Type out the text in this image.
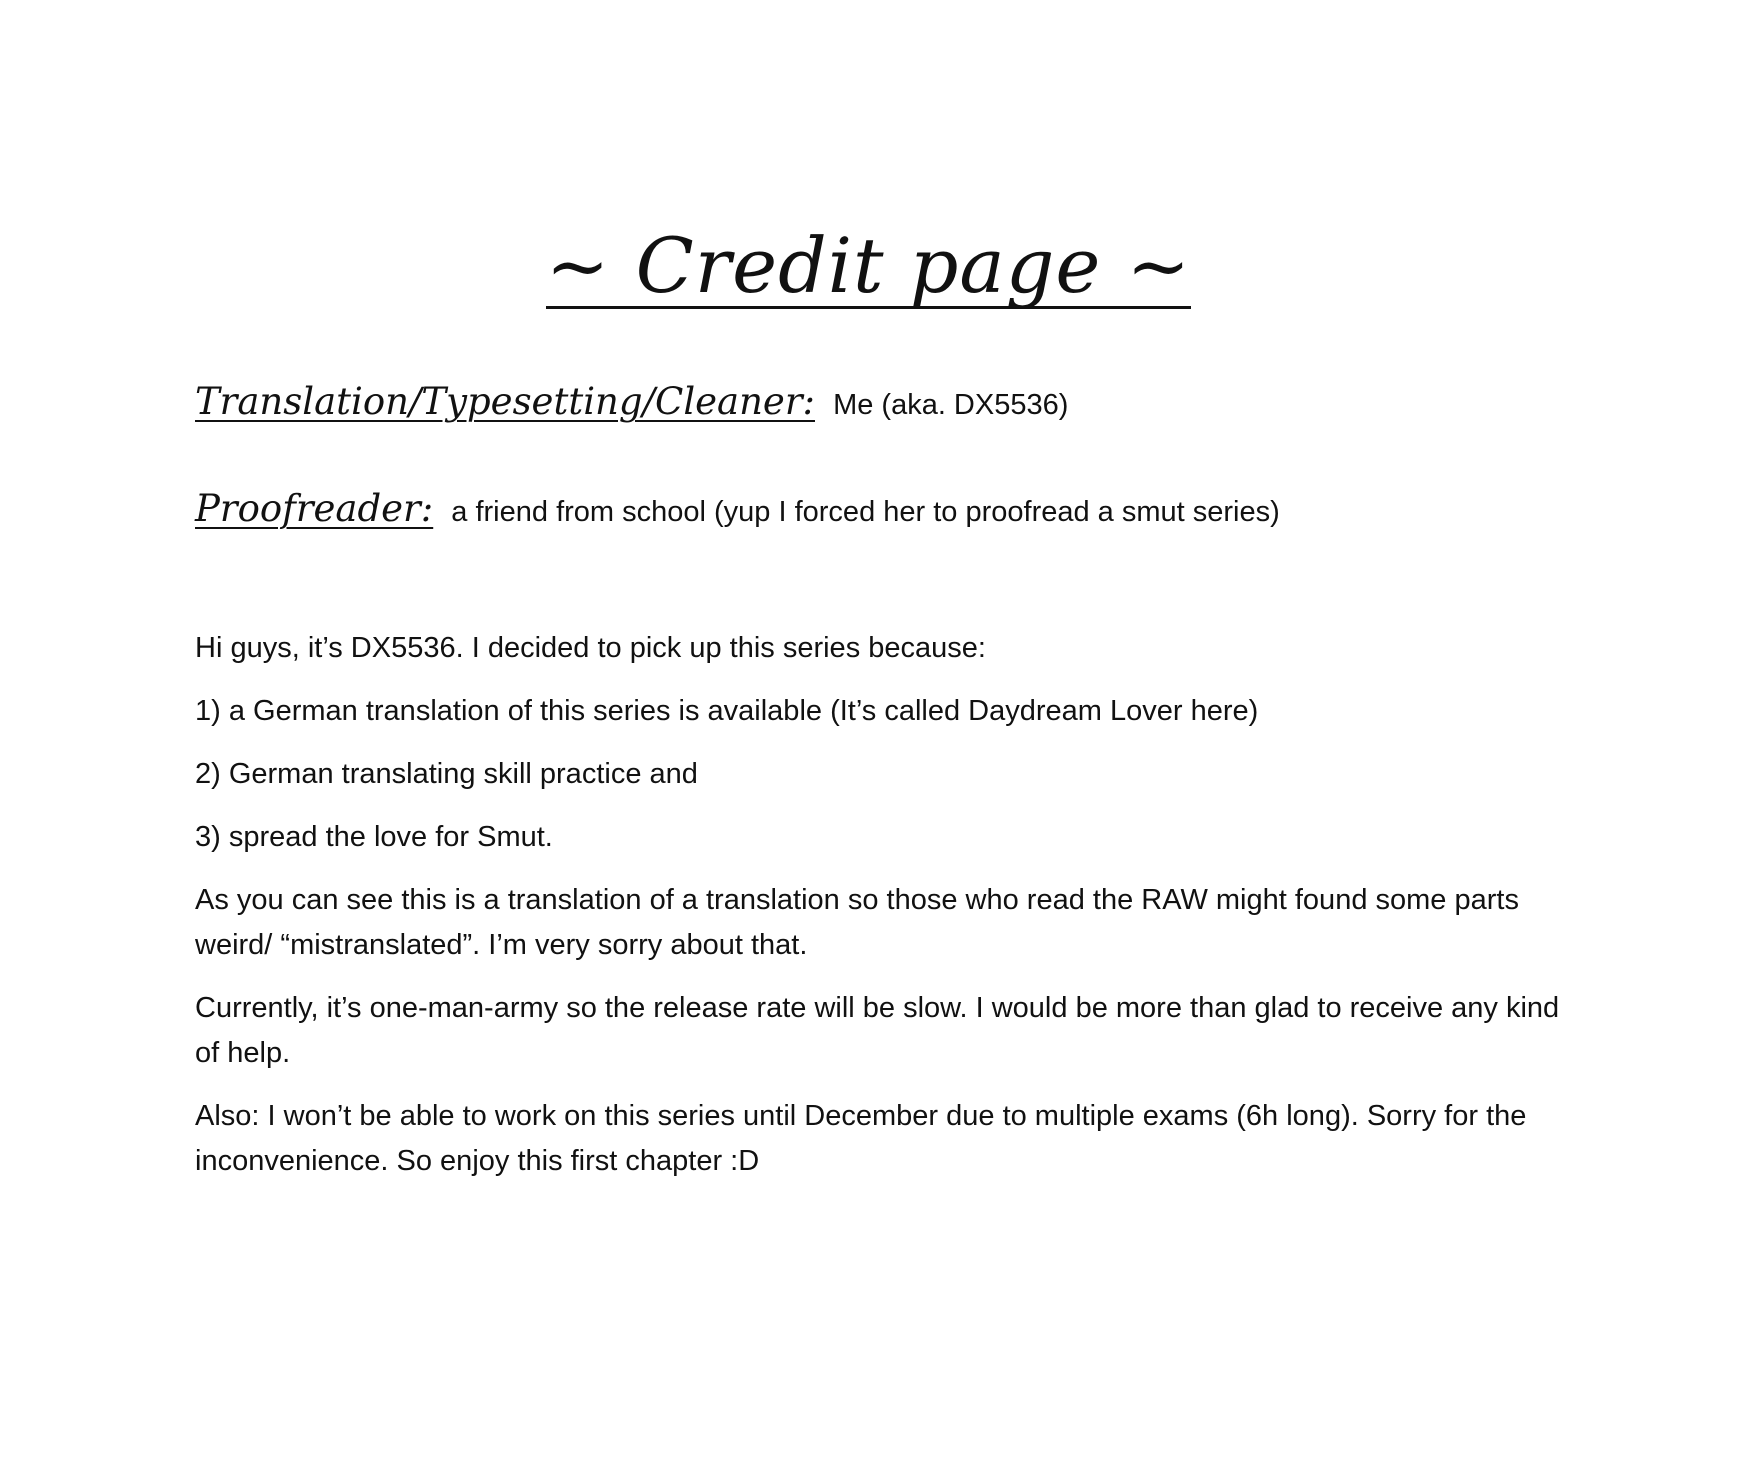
~ Credit page ~
Translation/Typesetting/Cleaner: Me (aka. DX5536)
Proofreader: a friend from school (yup I forced her to proofread a smut series)

Hi guys, it’s DX5536. I decided to pick up this series because:

1) a German translation of this series is available (It’s called Daydream Lover here)

2) German translating skill practice and

3) spread the love for Smut.

As you can see this is a translation of a translation so those who read the RAW might found some parts weird/ “mistranslated”. I’m very sorry about that.

Currently, it’s one-man-army so the release rate will be slow. I would be more than glad to receive any kind of help.

Also: I won’t be able to work on this series until December due to multiple exams (6h long). Sorry for the inconvenience. So enjoy this first chapter :D
